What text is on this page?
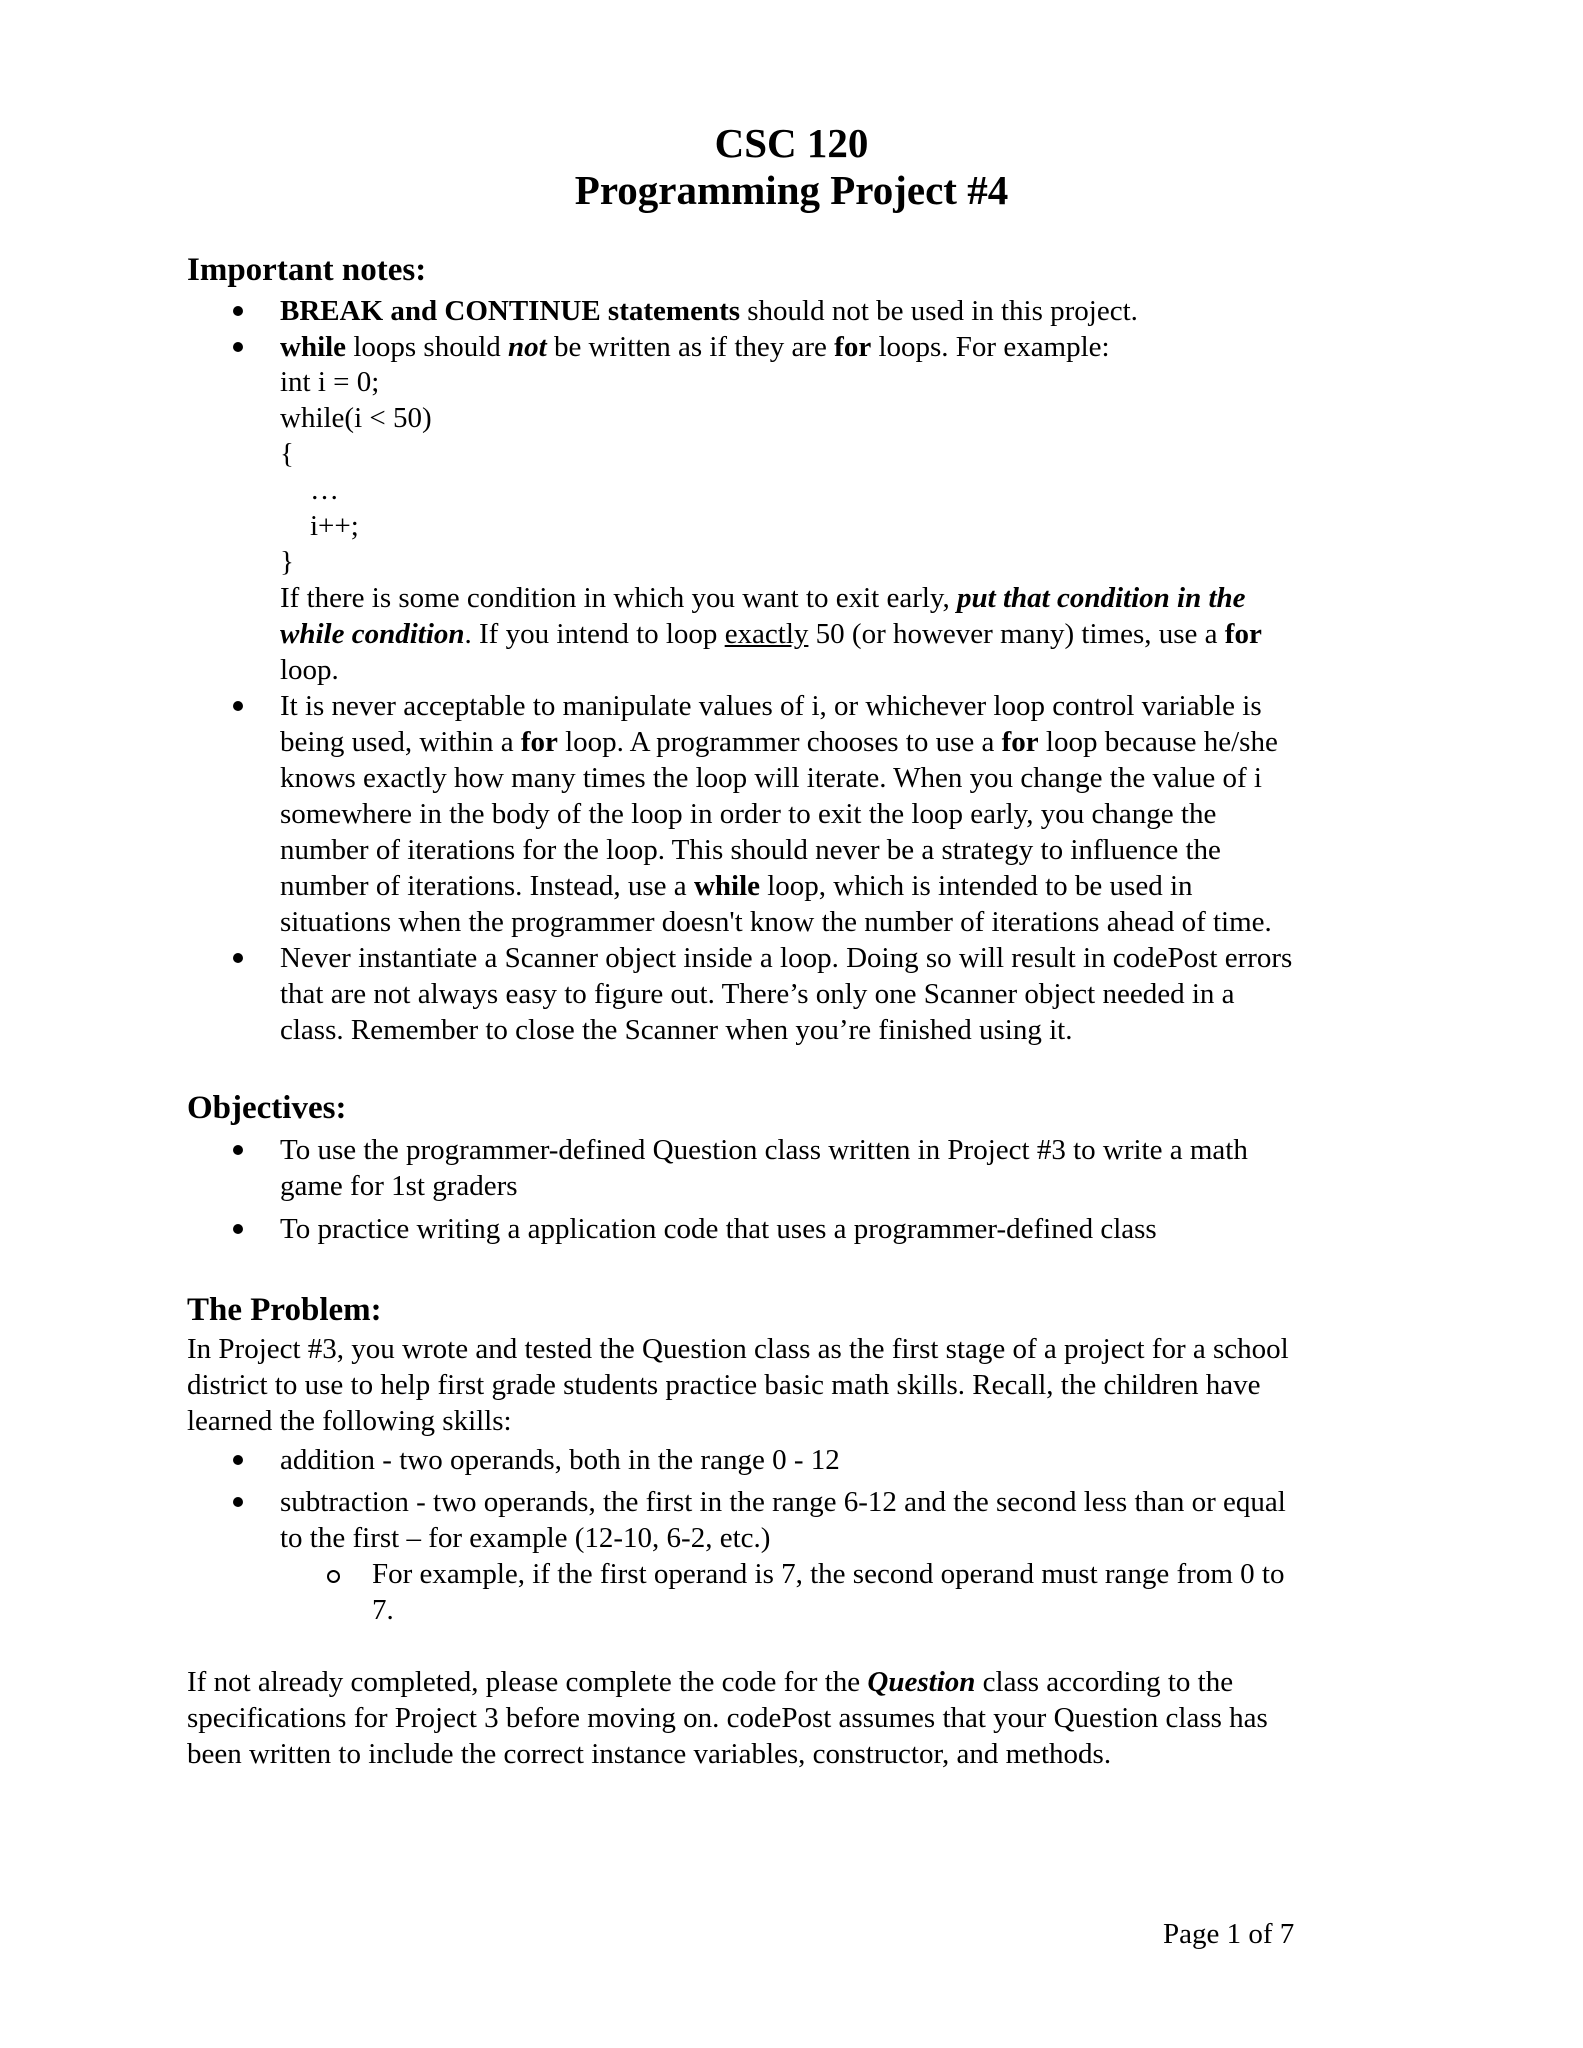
CSC 120
Programming Project #4
Important notes:
BREAK and CONTINUE statements should not be used in this project.
while loops should not be written as if they are for loops. For example:
int i = 0;
while(i < 50)
{
…
i++;
}
If there is some condition in which you want to exit early, put that condition in the
while condition. If you intend to loop exactly 50 (or however many) times, use a for
loop.
It is never acceptable to manipulate values of i, or whichever loop control variable is
being used, within a for loop. A programmer chooses to use a for loop because he/she
knows exactly how many times the loop will iterate. When you change the value of i
somewhere in the body of the loop in order to exit the loop early, you change the
number of iterations for the loop. This should never be a strategy to influence the
number of iterations. Instead, use a while loop, which is intended to be used in
situations when the programmer doesn't know the number of iterations ahead of time.
Never instantiate a Scanner object inside a loop. Doing so will result in codePost errors
that are not always easy to figure out. There’s only one Scanner object needed in a
class. Remember to close the Scanner when you’re finished using it.
Objectives:
To use the programmer-defined Question class written in Project #3 to write a math
game for 1st graders
To practice writing a application code that uses a programmer-defined class
The Problem:
In Project #3, you wrote and tested the Question class as the first stage of a project for a school
district to use to help first grade students practice basic math skills. Recall, the children have
learned the following skills:
addition - two operands, both in the range 0 - 12
subtraction - two operands, the first in the range 6-12 and the second less than or equal
to the first – for example (12-10, 6-2, etc.)
For example, if the first operand is 7, the second operand must range from 0 to
7.
If not already completed, please complete the code for the Question class according to the
specifications for Project 3 before moving on. codePost assumes that your Question class has
been written to include the correct instance variables, constructor, and methods.
Page 1 of 7
